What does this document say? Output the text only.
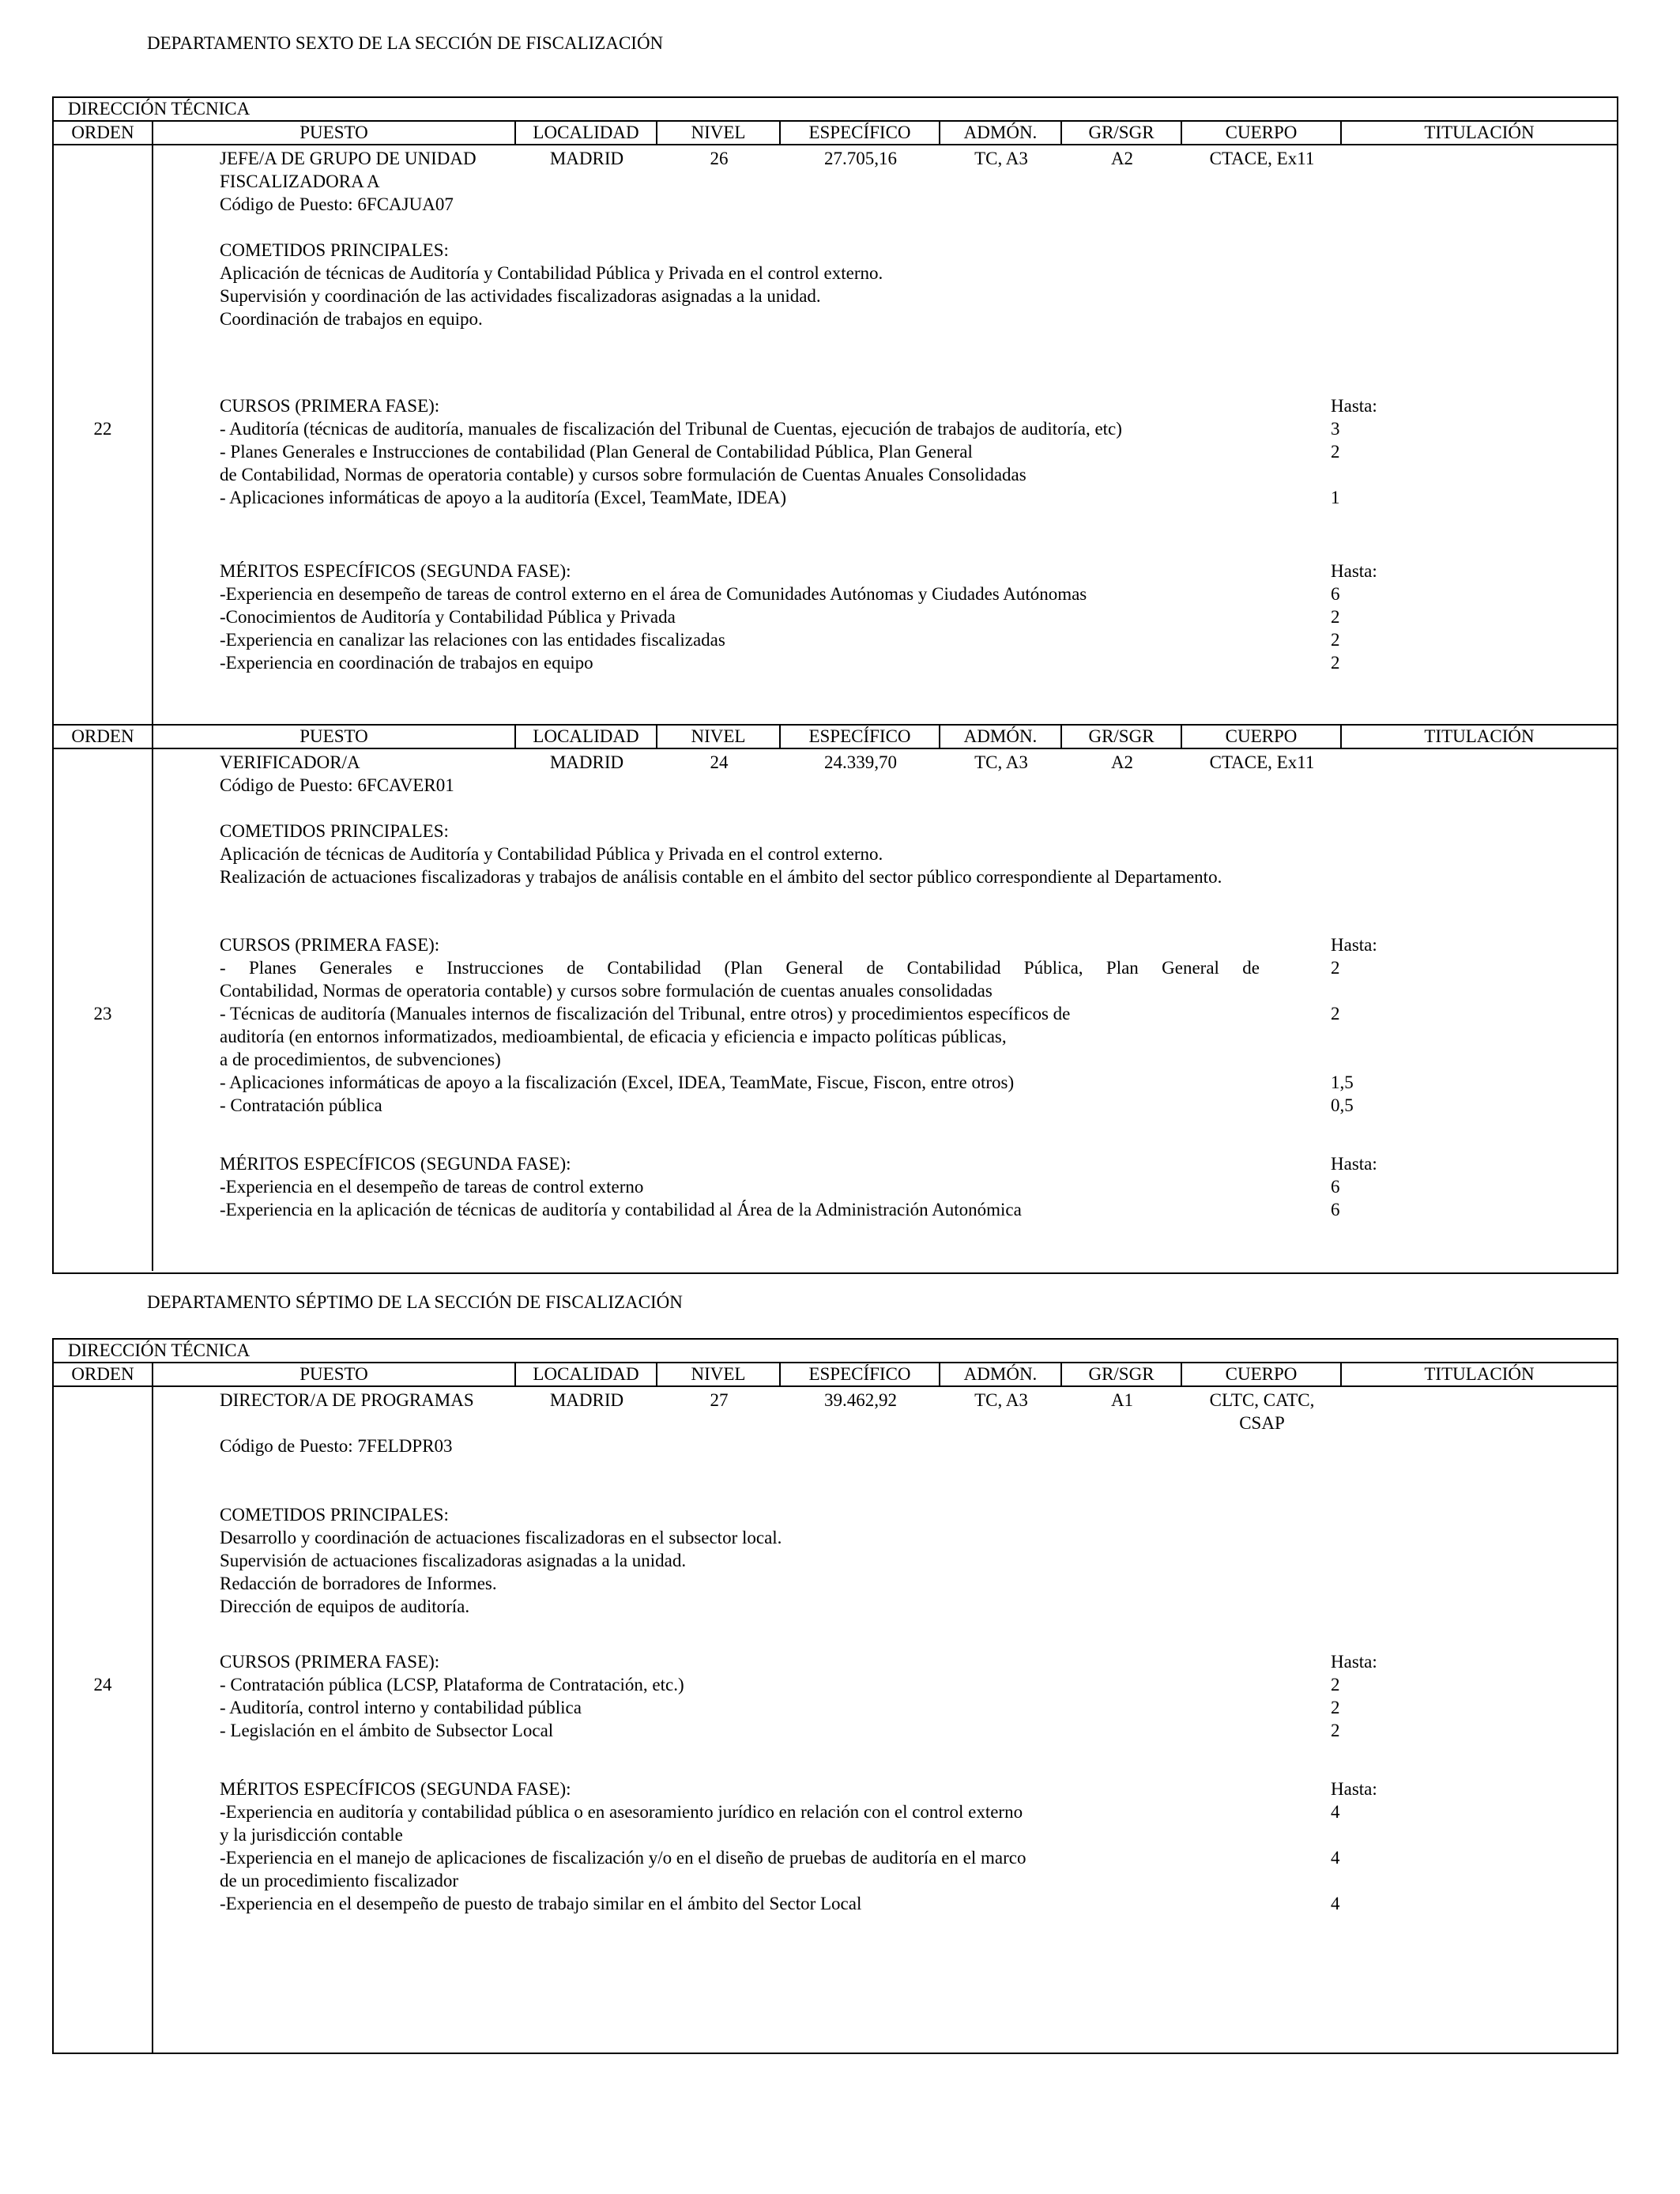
DEPARTAMENTO SEXTO DE LA SECCIÓN DE FISCALIZACIÓN
DIRECCIÓN TÉCNICA
ORDEN	PUESTO	LOCALIDAD	NIVEL	ESPECÍFICO	ADMÓN.	GR/SGR	CUERPO	TITULACIÓN
22
JEFE/A DE GRUPO DE UNIDAD
FISCALIZADORA A
Código de Puesto: 6FCAJUA07
MADRID	26	27.705,16	TC, A3	A2	CTACE, Ex11
COMETIDOS PRINCIPALES:
Aplicación de técnicas de Auditoría y Contabilidad Pública y Privada en el control externo.
Supervisión y coordinación de las actividades fiscalizadoras asignadas a la unidad.
Coordinación de trabajos en equipo.
CURSOS (PRIMERA FASE):	Hasta:
- Auditoría (técnicas de auditoría, manuales de fiscalización del Tribunal de Cuentas, ejecución de trabajos de auditoría, etc)	3
- Planes Generales e Instrucciones de contabilidad (Plan General de Contabilidad Pública, Plan General	2
de Contabilidad, Normas de operatoria contable) y cursos sobre formulación de Cuentas Anuales Consolidadas
- Aplicaciones informáticas de apoyo a la auditoría (Excel, TeamMate, IDEA)	1
MÉRITOS ESPECÍFICOS (SEGUNDA FASE):	Hasta:
-Experiencia en desempeño de tareas de control externo en el área de Comunidades Autónomas y Ciudades Autónomas	6
-Conocimientos de Auditoría y Contabilidad Pública y Privada	2
-Experiencia en canalizar las relaciones con las entidades fiscalizadas	2
-Experiencia en coordinación de trabajos en equipo	2
ORDEN	PUESTO	LOCALIDAD	NIVEL	ESPECÍFICO	ADMÓN.	GR/SGR	CUERPO	TITULACIÓN
23
VERIFICADOR/A
Código de Puesto: 6FCAVER01
MADRID	24	24.339,70	TC, A3	A2	CTACE, Ex11
COMETIDOS PRINCIPALES:
Aplicación de técnicas de Auditoría y Contabilidad Pública y Privada en el control externo.
Realización de actuaciones fiscalizadoras y trabajos de análisis contable en el ámbito del sector público correspondiente al Departamento.
CURSOS (PRIMERA FASE):	Hasta:
- Planes Generales e Instrucciones de Contabilidad (Plan General de Contabilidad Pública, Plan General de	2
Contabilidad, Normas de operatoria contable) y cursos sobre formulación de cuentas anuales consolidadas
- Técnicas de auditoría (Manuales internos de fiscalización del Tribunal, entre otros) y procedimientos específicos de	2
auditoría (en entornos informatizados, medioambiental, de eficacia y eficiencia e impacto políticas públicas,
a de procedimientos, de subvenciones)
- Aplicaciones informáticas de apoyo a la fiscalización (Excel, IDEA, TeamMate, Fiscue, Fiscon, entre otros)	1,5
- Contratación pública	0,5
MÉRITOS ESPECÍFICOS (SEGUNDA FASE):	Hasta:
-Experiencia en el desempeño de tareas de control externo	6
-Experiencia en la aplicación de técnicas de auditoría y contabilidad al Área de la Administración Autonómica	6
DEPARTAMENTO SÉPTIMO DE LA SECCIÓN DE FISCALIZACIÓN
DIRECCIÓN TÉCNICA
ORDEN	PUESTO	LOCALIDAD	NIVEL	ESPECÍFICO	ADMÓN.	GR/SGR	CUERPO	TITULACIÓN
24
DIRECTOR/A DE PROGRAMAS
Código de Puesto: 7FELDPR03
MADRID	27	39.462,92	TC, A3	A1	CLTC, CATC,
CSAP
COMETIDOS PRINCIPALES:
Desarrollo y coordinación de actuaciones fiscalizadoras en el subsector local.
Supervisión de actuaciones fiscalizadoras asignadas a la unidad.
Redacción de borradores de Informes.
Dirección de equipos de auditoría.
CURSOS (PRIMERA FASE):	Hasta:
- Contratación pública (LCSP, Plataforma de Contratación, etc.)	2
- Auditoría, control interno y contabilidad pública	2
- Legislación en el ámbito de Subsector Local	2
MÉRITOS ESPECÍFICOS (SEGUNDA FASE):	Hasta:
-Experiencia en auditoría y contabilidad pública o en asesoramiento jurídico en relación con el control externo	4
y la jurisdicción contable
-Experiencia en el manejo de aplicaciones de fiscalización y/o en el diseño de pruebas de auditoría en el marco	4
de un procedimiento fiscalizador
-Experiencia en el desempeño de puesto de trabajo similar en el ámbito del Sector Local	4
